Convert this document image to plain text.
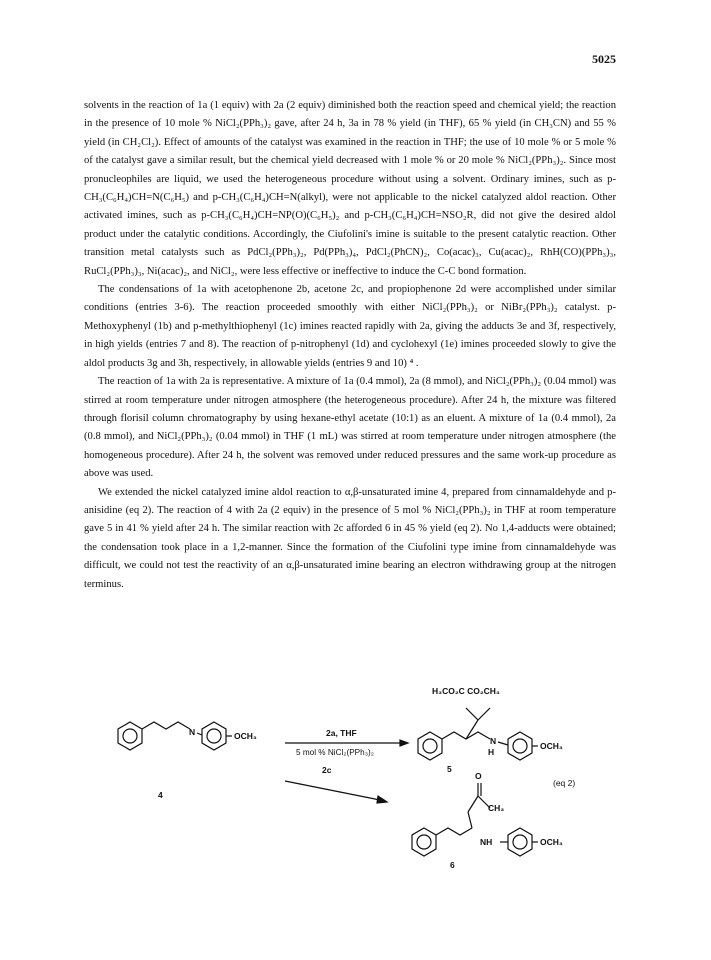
5025

solvents in the reaction of 1a (1 equiv) with 2a (2 equiv) diminished both the reaction speed and chemical yield; the reaction in the presence of 10 mole % NiCl₂(PPh₃)₂ gave, after 24 h, 3a in 78 % yield (in THF), 65 % yield (in CH₃CN) and 55 % yield (in CH₂Cl₂). Effect of amounts of the catalyst was examined in the reaction in THF; the use of 10 mole % or 5 mole % of the catalyst gave a similar result, but the chemical yield decreased with 1 mole % or 20 mole % NiCl₂(PPh₃)₂. Since most pronucleophiles are liquid, we used the heterogeneous procedure without using a solvent. Ordinary imines, such as p-CH₃(C₆H₄)CH=N(C₆H₅) and p-CH₃(C₆H₄)CH=N(alkyl), were not applicable to the nickel catalyzed aldol reaction. Other activated imines, such as p-CH₃(C₆H₄)CH=NP(O)(C₆H₅)₂ and p-CH₃(C₆H₄)CH=NSO₂R, did not give the desired aldol product under the catalytic conditions. Accordingly, the Ciufolini's imine is suitable to the present catalytic reaction. Other transition metal catalysts such as PdCl₂(PPh₃)₂, Pd(PPh₃)₄, PdCl₂(PhCN)₂, Co(acac)₃, Cu(acac)₂, RhH(CO)(PPh₃)₃, RuCl₂(PPh₃)₃, Ni(acac)₂, and NiCl₂, were less effective or ineffective to induce the C-C bond formation.

The condensations of 1a with acetophenone 2b, acetone 2c, and propiophenone 2d were accomplished under similar conditions (entries 3-6). The reaction proceeded smoothly with either NiCl₂(PPh₃)₂ or NiBr₂(PPh₃)₂ catalyst. p-Methoxyphenyl (1b) and p-methylthiophenyl (1c) imines reacted rapidly with 2a, giving the adducts 3e and 3f, respectively, in high yields (entries 7 and 8). The reaction of p-nitrophenyl (1d) and cyclohexyl (1e) imines proceeded slowly to give the aldol products 3g and 3h, respectively, in allowable yields (entries 9 and 10) ⁴ .

The reaction of 1a with 2a is representative. A mixture of 1a (0.4 mmol), 2a (8 mmol), and NiCl₂(PPh₃)₂ (0.04 mmol) was stirred at room temperature under nitrogen atmosphere (the heterogeneous procedure). After 24 h, the mixture was filtered through florisil column chromatography by using hexane-ethyl acetate (10:1) as an eluent. A mixture of 1a (0.4 mmol), 2a (0.8 mmol), and NiCl₂(PPh₃)₂ (0.04 mmol) in THF (1 mL) was stirred at room temperature under nitrogen atmosphere (the homogeneous procedure). After 24 h, the solvent was removed under reduced pressures and the same work-up procedure as above was used.

We extended the nickel catalyzed imine aldol reaction to α,β-unsaturated imine 4, prepared from cinnamaldehyde and p-anisidine (eq 2). The reaction of 4 with 2a (2 equiv) in the presence of 5 mol % NiCl₂(PPh₃)₂ in THF at room temperature gave 5 in 41 % yield after 24 h. The similar reaction with 2c afforded 6 in 45 % yield (eq 2). No 1,4-adducts were obtained; the condensation took place in a 1,2-manner. Since the formation of the Ciufolini type imine from cinnamaldehyde was difficult, we could not test the reactivity of an α,β-unsaturated imine bearing an electron withdrawing group at the nitrogen terminus.

N	OCH₃
4
2a, THF
5 mol % NiCl₂(PPh₃)₂
2c
H₃CO₂C CO₂CH₃
N
H
OCH₃
5
(eq 2)
O
CH₃
NH	OCH₃
6
